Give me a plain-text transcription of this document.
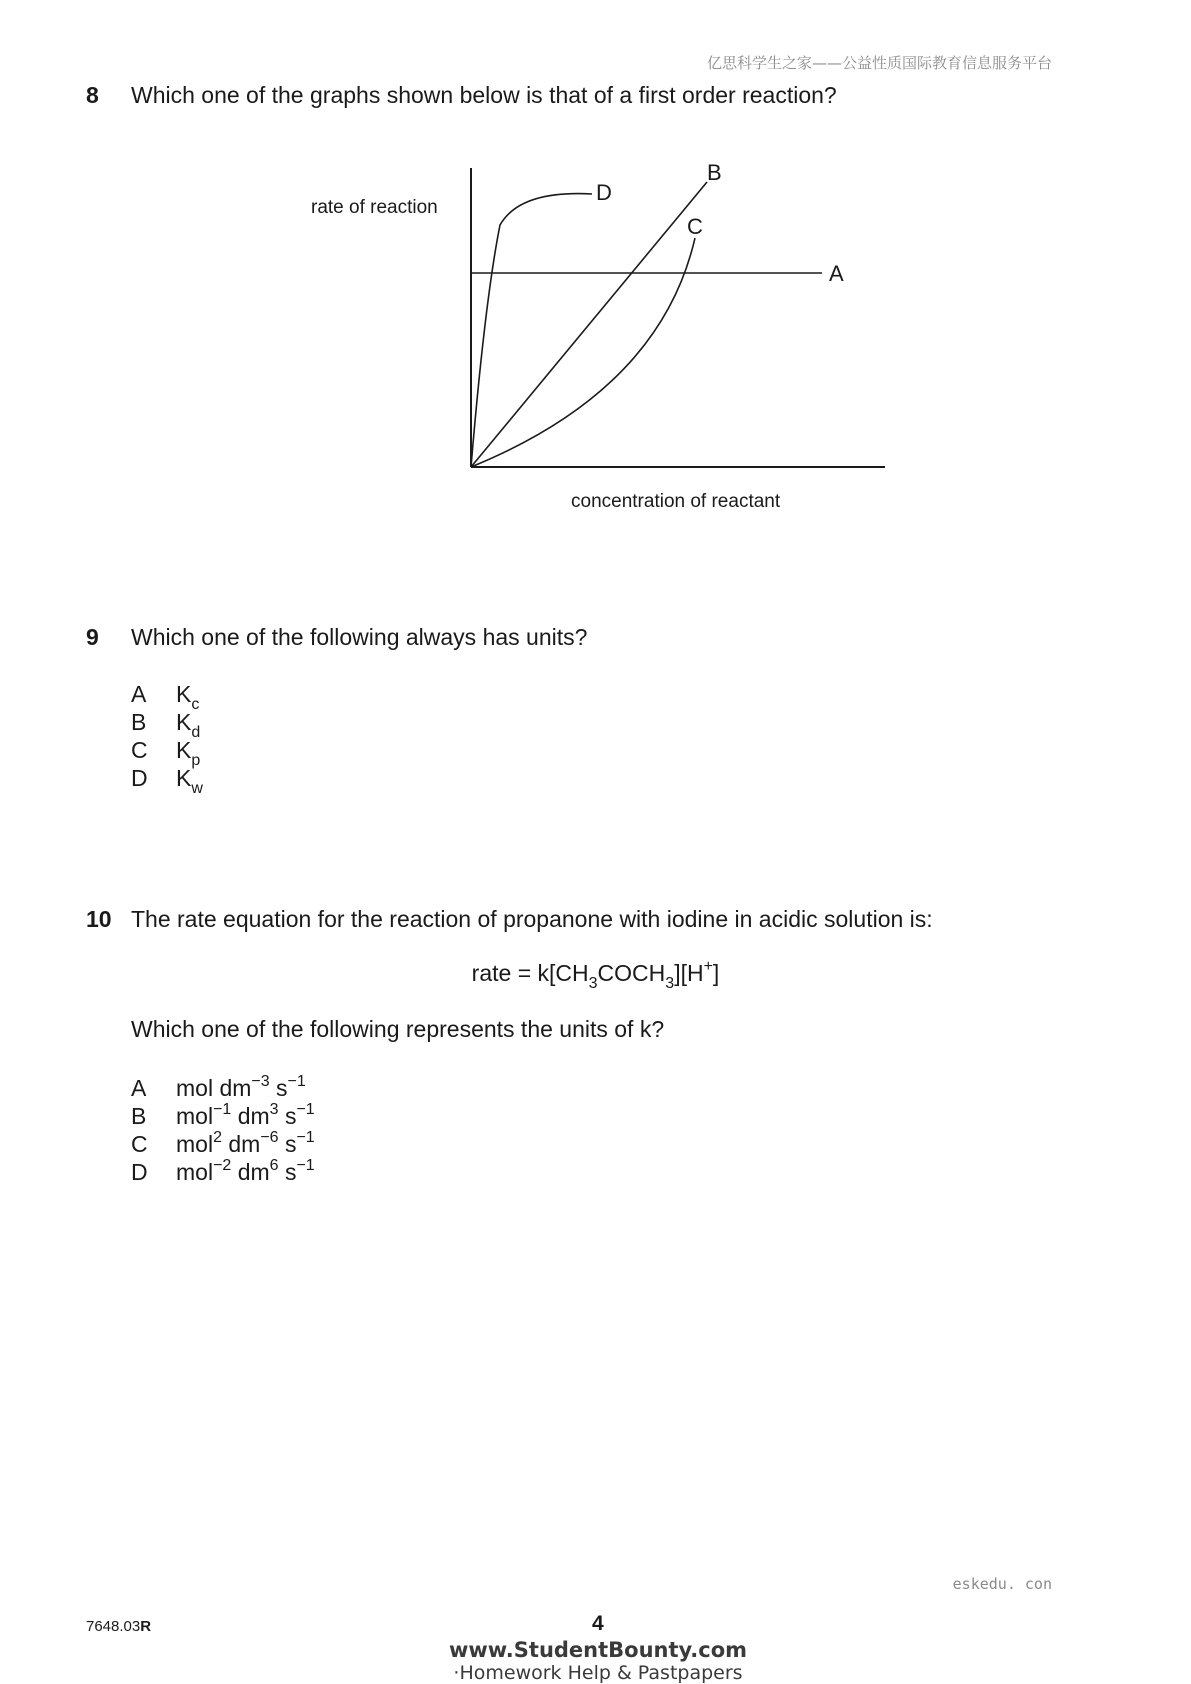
亿思科学生之家——公益性质国际教育信息服务平台
8 Which one of the graphs shown below is that of a first order reaction?
rate of reaction
concentration of reactant
A
B
C
D
9 Which one of the following always has units?
A	$K_c$
B	$K_d$
C	$K_p$
D	$K_w$
10 The rate equation for the reaction of propanone with iodine in acidic solution is:
rate = $k[CH_3COCH_3][H^+]$
Which one of the following represents the units of k?
A	mol $dm^{-3}$ $s^{-1}$
B	mol$^{-1}$ $dm^3$ $s^{-1}$
C	mol$^2$ $dm^{-6}$ $s^{-1}$
D	mol$^{-2}$ $dm^6$ $s^{-1}$
eskedu. con
7648.03R	4
www.StudentBounty.com
·Homework Help & Pastpapers
